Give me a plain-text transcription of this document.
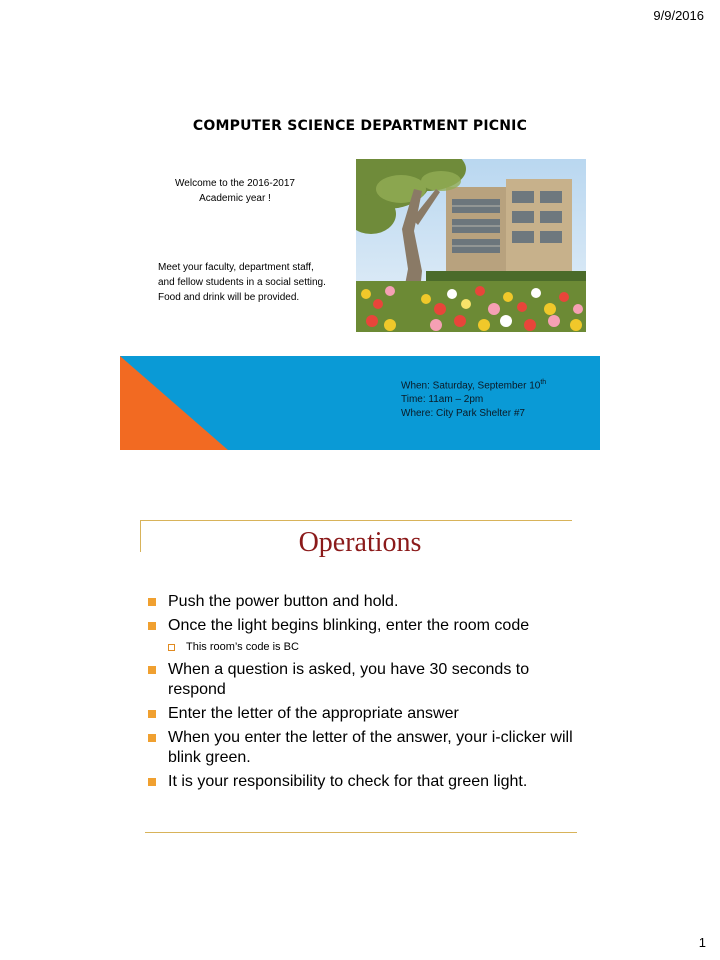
9/9/2016
COMPUTER SCIENCE DEPARTMENT PICNIC
Welcome to the 2016-2017
Academic year !
Meet your faculty, department staff, and fellow students in a social setting. Food and drink will be provided.
When: Saturday, September 10th
Time: 11am – 2pm
Where: City Park Shelter #7
Operations
Push the power button and hold.
Once the light begins blinking, enter the room code
This room’s code is BC
When a question is asked, you have 30 seconds to respond
Enter the letter of the appropriate answer
When you enter the letter of the answer, your i-clicker will blink green.
It is your responsibility to check for that green light.
1
